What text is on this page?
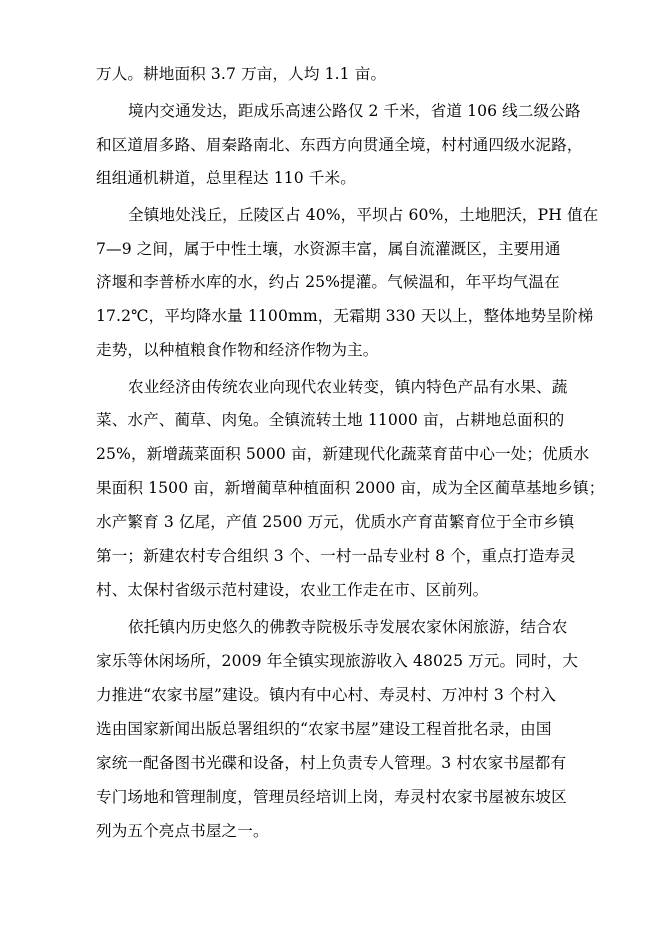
万人。耕地面积 3.7 万亩，人均 1.1 亩。
境内交通发达，距成乐高速公路仅 2 千米，省道 106 线二级公路
和区道眉多路、眉秦路南北、东西方向贯通全境，村村通四级水泥路，
组组通机耕道，总里程达 110 千米。
全镇地处浅丘，丘陵区占 40%，平坝占 60%，土地肥沃，PH 值在
7—9 之间，属于中性土壤，水资源丰富，属自流灌溉区，主要用通
济堰和李普桥水库的水，约占 25%提灌。气候温和，年平均气温在
17.2℃，平均降水量 1100mm，无霜期 330 天以上，整体地势呈阶梯
走势，以种植粮食作物和经济作物为主。
农业经济由传统农业向现代农业转变，镇内特色产品有水果、蔬
菜、水产、蔺草、肉兔。全镇流转土地 11000 亩，占耕地总面积的
25%，新增蔬菜面积 5000 亩，新建现代化蔬菜育苗中心一处；优质水
果面积 1500 亩，新增蔺草种植面积 2000 亩，成为全区蔺草基地乡镇；
水产繁育 3 亿尾，产值 2500 万元，优质水产育苗繁育位于全市乡镇
第一；新建农村专合组织 3 个、一村一品专业村 8 个，重点打造寿灵
村、太保村省级示范村建设，农业工作走在市、区前列。
依托镇内历史悠久的佛教寺院极乐寺发展农家休闲旅游，结合农
家乐等休闲场所，2009 年全镇实现旅游收入 48025 万元。同时，大
力推进“农家书屋”建设。镇内有中心村、寿灵村、万冲村 3 个村入
选由国家新闻出版总署组织的“农家书屋”建设工程首批名录，由国
家统一配备图书光碟和设备，村上负责专人管理。3 村农家书屋都有
专门场地和管理制度，管理员经培训上岗，寿灵村农家书屋被东坡区
列为五个亮点书屋之一。
